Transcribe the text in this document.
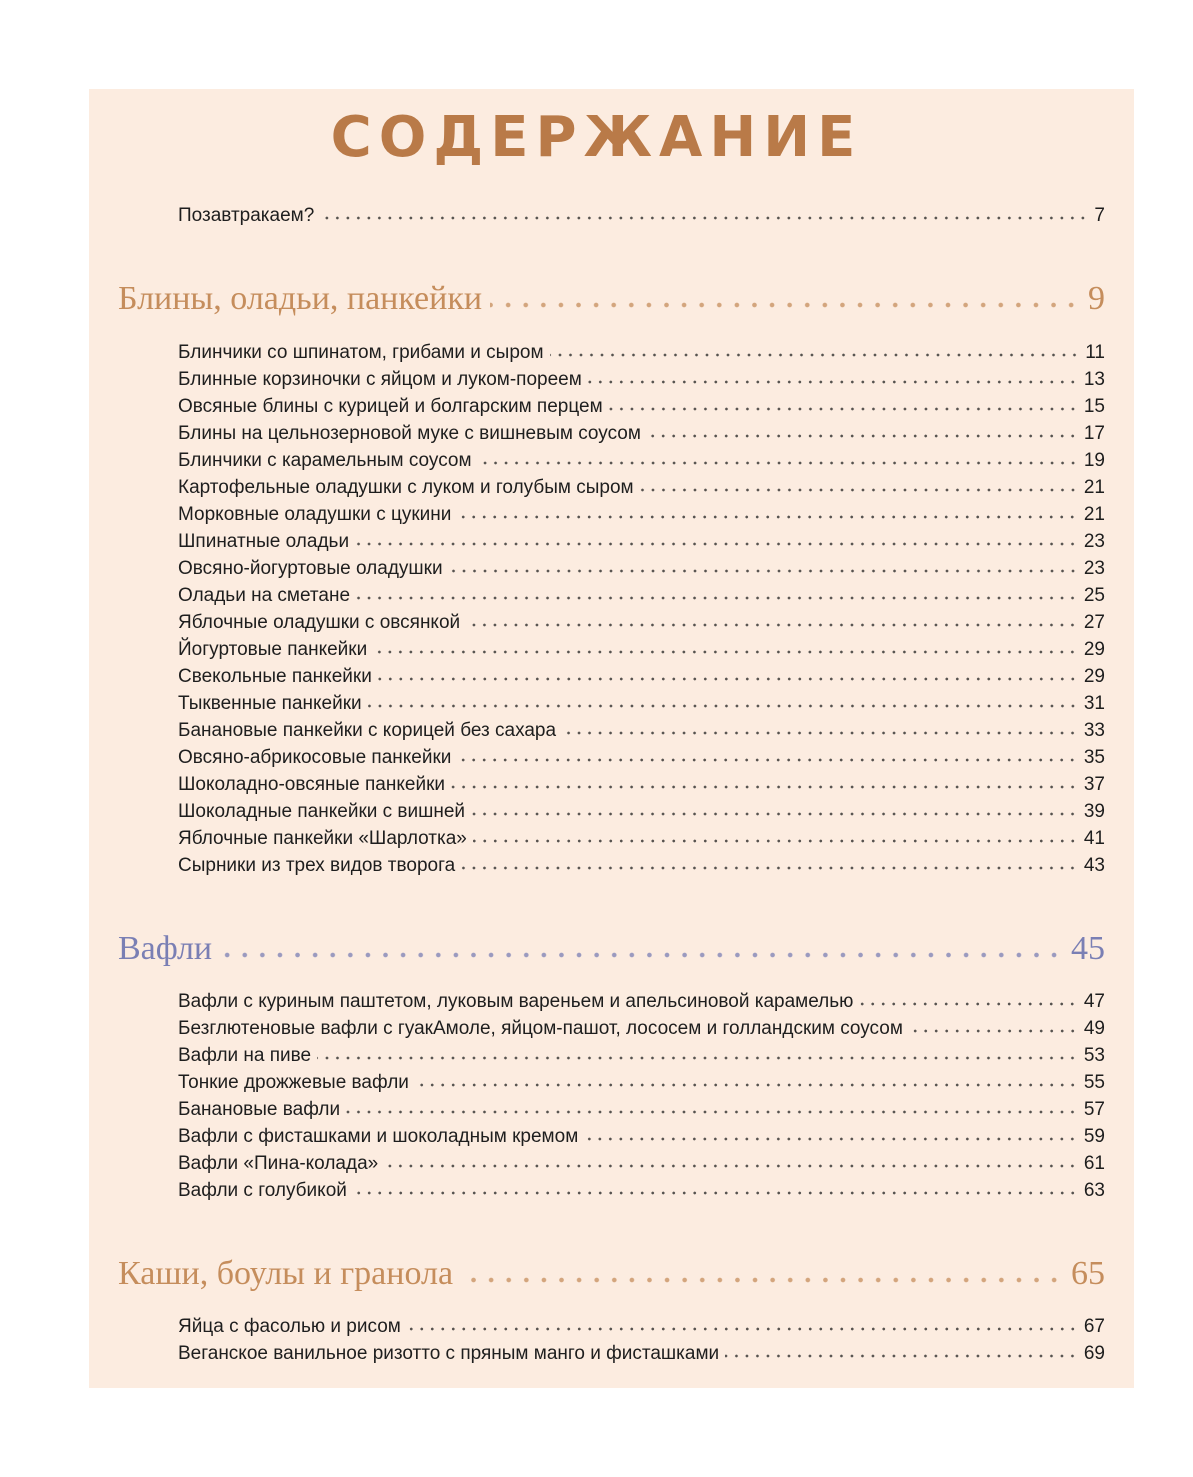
СОДЕРЖАНИЕ
Позавтракаем?	7
Блины, оладьи, панкейки	9
Блинчики со шпинатом, грибами и сыром	11
Блинные корзиночки с яйцом и луком-пореем	13
Овсяные блины с курицей и болгарским перцем	15
Блины на цельнозерновой муке с вишневым соусом	17
Блинчики с карамельным соусом	19
Картофельные оладушки с луком и голубым сыром	21
Морковные оладушки с цукини	21
Шпинатные оладьи	23
Овсяно-йогуртовые оладушки	23
Оладьи на сметане	25
Яблочные оладушки с овсянкой	27
Йогуртовые панкейки	29
Свекольные панкейки	29
Тыквенные панкейки	31
Банановые панкейки с корицей без сахара	33
Овсяно-абрикосовые панкейки	35
Шоколадно-овсяные панкейки	37
Шоколадные панкейки с вишней	39
Яблочные панкейки «Шарлотка»	41
Сырники из трех видов творога	43
Вафли	45
Вафли с куриным паштетом, луковым вареньем и апельсиновой карамелью	47
Безглютеновые вафли с гуакАмоле, яйцом-пашот, лососем и голландским соусом	49
Вафли на пиве	53
Тонкие дрожжевые вафли	55
Банановые вафли	57
Вафли с фисташками и шоколадным кремом	59
Вафли «Пина-колада»	61
Вафли с голубикой	63
Каши, боулы и гранола	65
Яйца с фасолью и рисом	67
Веганское ванильное ризотто с пряным манго и фисташками	69
